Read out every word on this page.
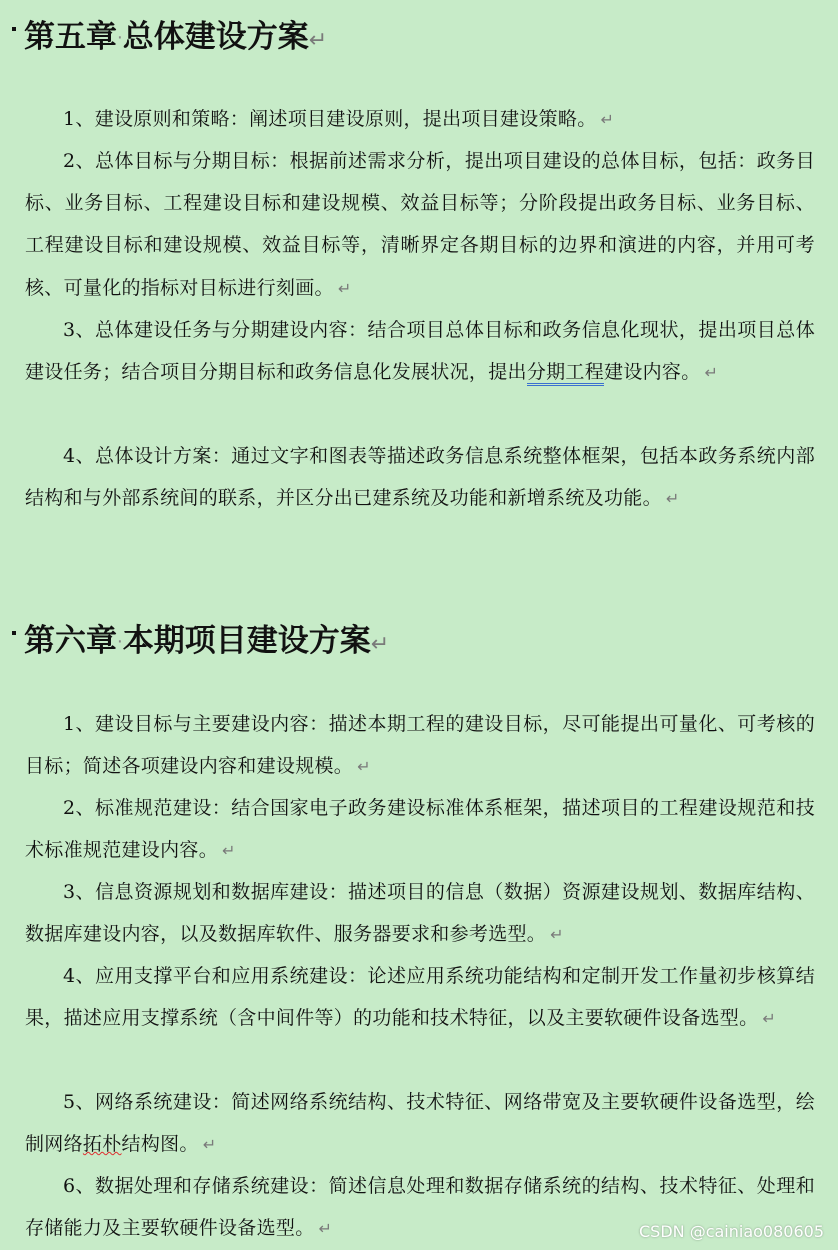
第五章·总体建设方案↵
1、建设原则和策略：阐述项目建设原则，提出项目建设策略。 ↵
2、总体目标与分期目标：根据前述需求分析，提出项目建设的总体目标，包括：政务目标、业务目标、工程建设目标和建设规模、效益目标等；分阶段提出政务目标、业务目标、工程建设目标和建设规模、效益目标等，清晰界定各期目标的边界和演进的内容，并用可考核、可量化的指标对目标进行刻画。 ↵
3、总体建设任务与分期建设内容：结合项目总体目标和政务信息化现状，提出项目总体建设任务；结合项目分期目标和政务信息化发展状况，提出分期工程建设内容。 ↵
4、总体设计方案：通过文字和图表等描述政务信息系统整体框架，包括本政务系统内部结构和与外部系统间的联系，并区分出已建系统及功能和新增系统及功能。 ↵
第六章·本期项目建设方案↵
1、建设目标与主要建设内容：描述本期工程的建设目标，尽可能提出可量化、可考核的目标；简述各项建设内容和建设规模。 ↵
2、标准规范建设：结合国家电子政务建设标准体系框架，描述项目的工程建设规范和技术标准规范建设内容。 ↵
3、信息资源规划和数据库建设：描述项目的信息（数据）资源建设规划、数据库结构、数据库建设内容，以及数据库软件、服务器要求和参考选型。 ↵
4、应用支撑平台和应用系统建设：论述应用系统功能结构和定制开发工作量初步核算结果，描述应用支撑系统（含中间件等）的功能和技术特征，以及主要软硬件设备选型。 ↵
5、网络系统建设：简述网络系统结构、技术特征、网络带宽及主要软硬件设备选型，绘制网络拓朴结构图。 ↵
6、数据处理和存储系统建设：简述信息处理和数据存储系统的结构、技术特征、处理和存储能力及主要软硬件设备选型。 ↵	CSDN @cainiao080605
